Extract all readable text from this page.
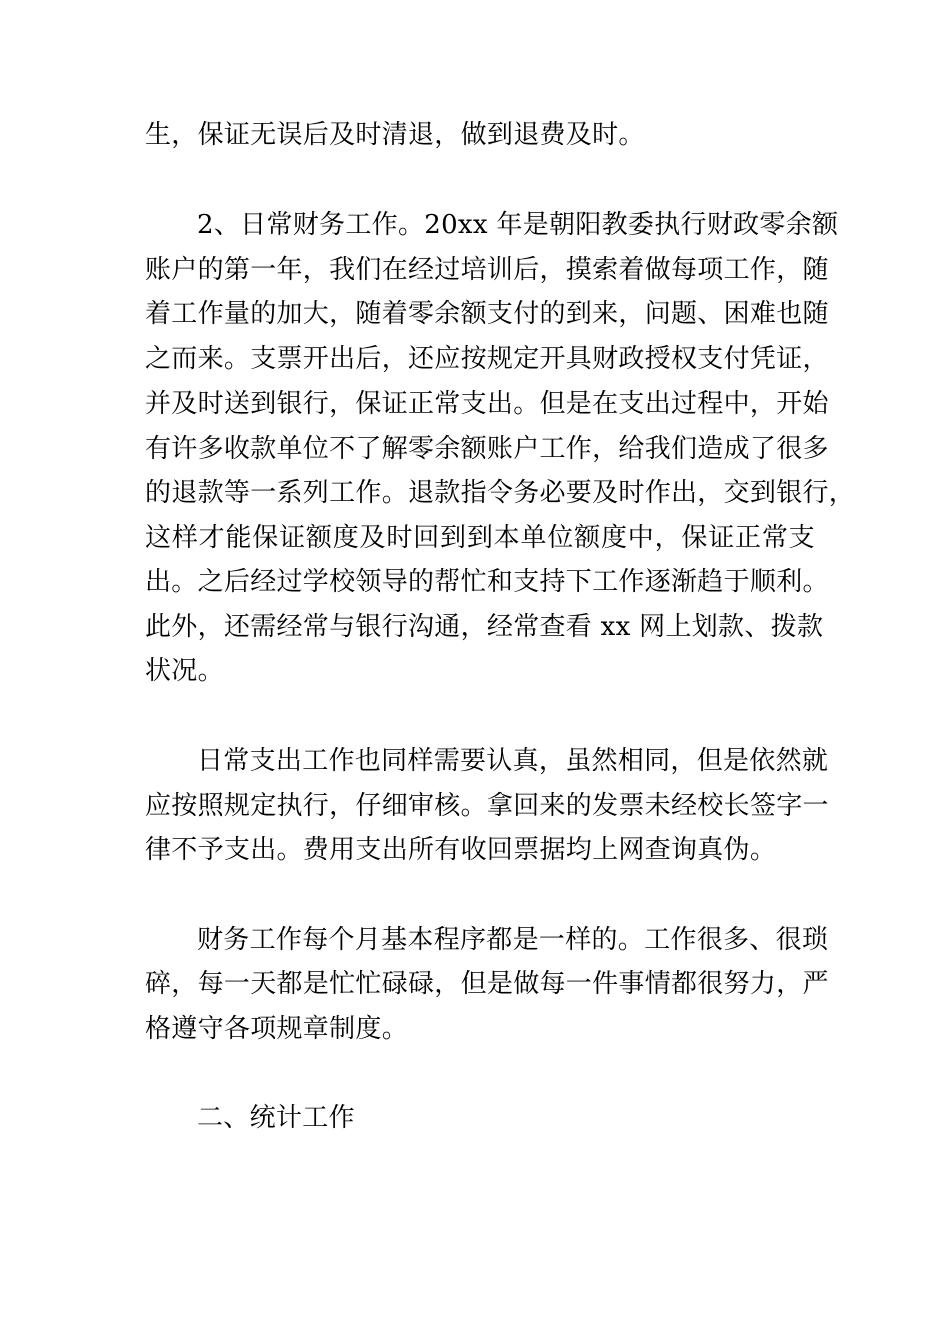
生，保证无误后及时清退，做到退费及时。
2、日常财务工作。20xx 年是朝阳教委执行财政零余额
账户的第一年，我们在经过培训后，摸索着做每项工作，随
着工作量的加大，随着零余额支付的到来，问题、困难也随
之而来。支票开出后，还应按规定开具财政授权支付凭证，
并及时送到银行，保证正常支出。但是在支出过程中，开始
有许多收款单位不了解零余额账户工作，给我们造成了很多
的退款等一系列工作。退款指令务必要及时作出，交到银行，
这样才能保证额度及时回到到本单位额度中，保证正常支
出。之后经过学校领导的帮忙和支持下工作逐渐趋于顺利。
此外，还需经常与银行沟通，经常查看 xx 网上划款、拨款
状况。
日常支出工作也同样需要认真，虽然相同，但是依然就
应按照规定执行，仔细审核。拿回来的发票未经校长签字一
律不予支出。费用支出所有收回票据均上网查询真伪。
财务工作每个月基本程序都是一样的。工作很多、很琐
碎，每一天都是忙忙碌碌，但是做每一件事情都很努力，严
格遵守各项规章制度。
二、统计工作
